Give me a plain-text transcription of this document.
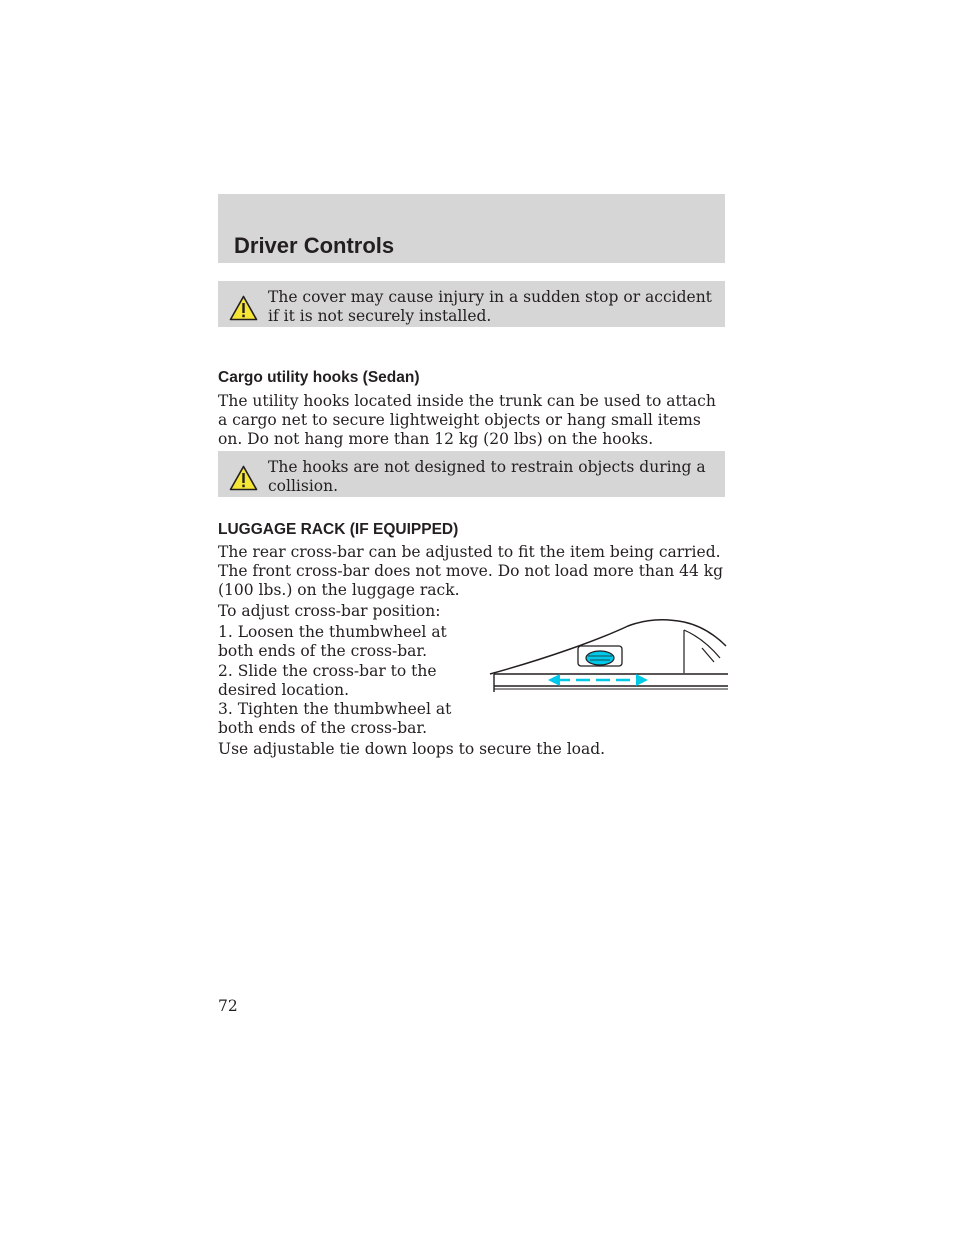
Driver Controls

The cover may cause injury in a sudden stop or accident if it is not securely installed.

Cargo utility hooks (Sedan)

The utility hooks located inside the trunk can be used to attach a cargo net to secure lightweight objects or hang small items on. Do not hang more than 12 kg (20 lbs) on the hooks.

The hooks are not designed to restrain objects during a collision.

LUGGAGE RACK (IF EQUIPPED)

The rear cross-bar can be adjusted to fit the item being carried. The front cross-bar does not move. Do not load more than 44 kg (100 lbs.) on the luggage rack.

To adjust cross-bar position:

1. Loosen the thumbwheel at both ends of the cross-bar.

2. Slide the cross-bar to the desired location.

3. Tighten the thumbwheel at both ends of the cross-bar.

Use adjustable tie down loops to secure the load.

72
